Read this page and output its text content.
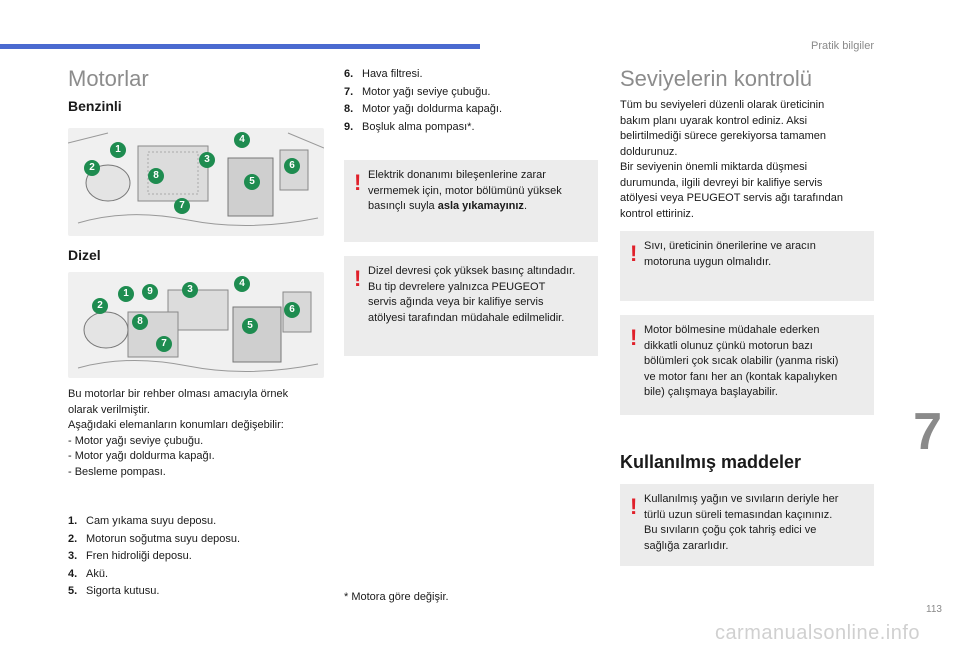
Pratik bilgiler
Motorlar
Benzinli
1
2
3
4
5
6
7
8
Dizel
1
2
3
4
5
6
7
8
9
Bu motorlar bir rehber olması amacıyla örnek
olarak verilmiştir.
Aşağıdaki elemanların konumları değişebilir:
- Motor yağı seviye çubuğu.
- Motor yağı doldurma kapağı.
- Besleme pompası.
1. Cam yıkama suyu deposu.
2. Motorun soğutma suyu deposu.
3. Fren hidroliği deposu.
4. Akü.
5. Sigorta kutusu.
6. Hava filtresi.
7. Motor yağı seviye çubuğu.
8. Motor yağı doldurma kapağı.
9. Boşluk alma pompası*.
! Elektrik donanımı bileşenlerine zarar
vermemek için, motor bölümünü yüksek
basınçlı suyla asla yıkamayınız.
! Dizel devresi çok yüksek basınç altındadır.
Bu tip devrelere yalnızca PEUGEOT
servis ağında veya bir kalifiye servis
atölyesi tarafından müdahale edilmelidir.
* Motora göre değişir.
Seviyelerin kontrolü
Tüm bu seviyeleri düzenli olarak üreticinin
bakım planı uyarak kontrol ediniz. Aksi
belirtilmediği sürece gerekiyorsa tamamen
doldurunuz.
Bir seviyenin önemli miktarda düşmesi
durumunda, ilgili devreyi bir kalifiye servis
atölyesi veya PEUGEOT servis ağı tarafından
kontrol ettiriniz.
! Sıvı, üreticinin önerilerine ve aracın
motoruna uygun olmalıdır.
! Motor bölmesine müdahale ederken
dikkatli olunuz çünkü motorun bazı
bölümleri çok sıcak olabilir (yanma riski)
ve motor fanı her an (kontak kapalıyken
bile) çalışmaya başlayabilir.
Kullanılmış maddeler
! Kullanılmış yağın ve sıvıların deriyle her
türlü uzun süreli temasından kaçınınız.
Bu sıvıların çoğu çok tahriş edici ve
sağlığa zararlıdır.
7
113
carmanualsonline.info
